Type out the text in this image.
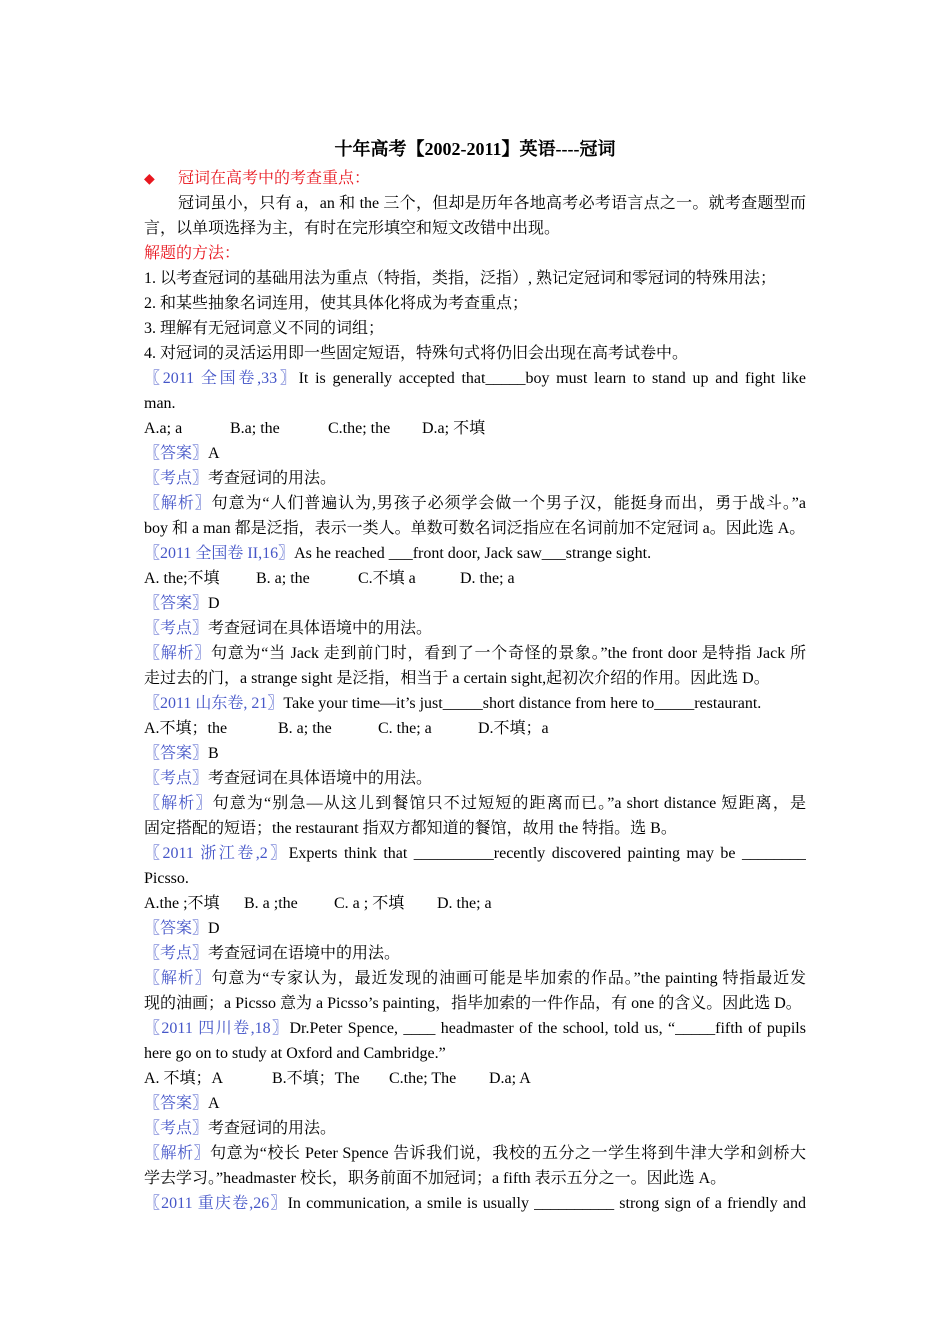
十年高考【2002-2011】英语----冠词
◆ 冠词在高考中的考查重点：
冠词虽小，只有 a，an 和 the 三个，但却是历年各地高考必考语言点之一。就考查题型而
言，以单项选择为主，有时在完形填空和短文改错中出现。
解题的方法：
1. 以考查冠词的基础用法为重点（特指，类指，泛指）, 熟记定冠词和零冠词的特殊用法；
2. 和某些抽象名词连用，使其具体化将成为考查重点；
3. 理解有无冠词意义不同的词组；
4. 对冠词的灵活运用即一些固定短语，特殊句式将仍旧会出现在高考试卷中。
〖2011 全国卷,33〗It is generally accepted that_____boy must learn to stand up and fight like
man.
A.a; a	B.a; the	C.the; the D.a; 不填
〖答案〗A
〖考点〗考查冠词的用法。
〖解析〗句意为“人们普遍认为,男孩子必须学会做一个男子汉，能挺身而出，勇于战斗。”a
boy 和 a man 都是泛指，表示一类人。单数可数名词泛指应在名词前加不定冠词 a。因此选 A。
〖2011 全国卷 II,16〗As he reached ___front door, Jack saw___strange sight.
A. the;不填 B. a; the	C.不填 a	D. the; a
〖答案〗D
〖考点〗考查冠词在具体语境中的用法。
〖解析〗句意为“当 Jack 走到前门时，看到了一个奇怪的景象。”the front door 是特指 Jack 所
走过去的门，a strange sight 是泛指，相当于 a certain sight,起初次介绍的作用。因此选 D。
〖2011 山东卷, 21〗Take your time—it’s just_____short distance from here to_____restaurant.
A.不填；the	B. a; the	C. the; a	D.不填；a
〖答案〗B
〖考点〗考查冠词在具体语境中的用法。
〖解析〗句意为“别急—从这儿到餐馆只不过短短的距离而已。”a short distance 短距离，是
固定搭配的短语；the restaurant 指双方都知道的餐馆，故用 the 特指。选 B。
〖2011 浙江卷,2〗Experts think that __________recently discovered painting may be ________
Picsso.
A.the ;不填 B. a ;the C. a ; 不填 D. the; a
〖答案〗D
〖考点〗考查冠词在语境中的用法。
〖解析〗句意为“专家认为，最近发现的油画可能是毕加索的作品。”the painting 特指最近发
现的油画；a Picsso 意为 a Picsso’s painting，指毕加索的一件作品，有 one 的含义。因此选 D。
〖2011 四川卷,18〗Dr.Peter Spence, ____ headmaster of the school, told us, “_____fifth of pupils
here go on to study at Oxford and Cambridge.”
A. 不填；A	B.不填；The C.the; The D.a; A
〖答案〗A
〖考点〗考查冠词的用法。
〖解析〗句意为“校长 Peter Spence 告诉我们说，我校的五分之一学生将到牛津大学和剑桥大
学去学习。”headmaster 校长，职务前面不加冠词；a fifth 表示五分之一。因此选 A。
〖2011 重庆卷,26〗In communication, a smile is usually __________ strong sign of a friendly and
